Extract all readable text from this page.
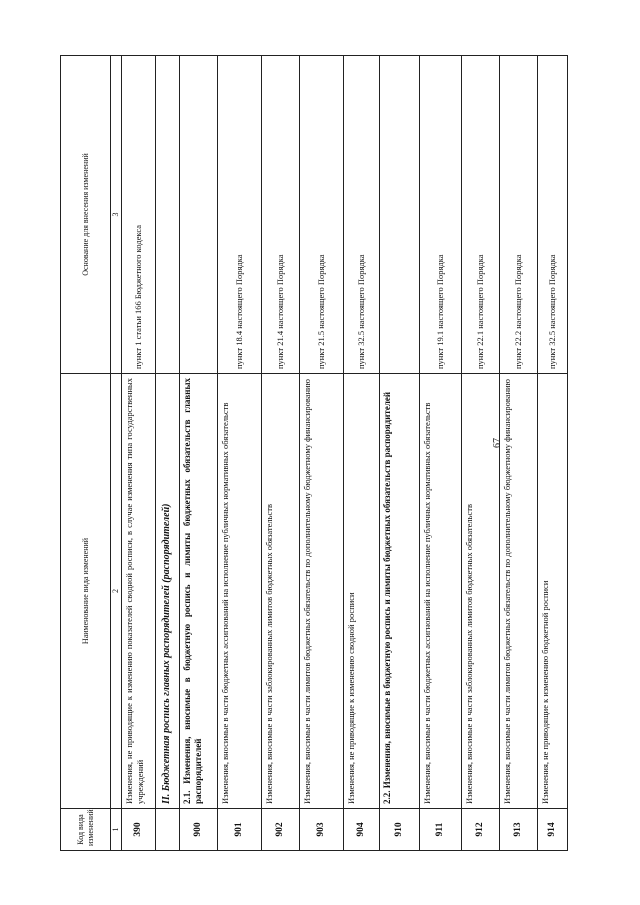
67
Код вида изменений	Наименование вида изменений	Основание для внесения изменений
1	2	3
390	Изменения, не приводящие к изменению показателей сводной росписи, в случае изменения типа государственных учреждений	пункт 1 статьи 166 Бюджетного кодекса
	II. Бюджетная роспись главных распорядителей (распорядителей)	
900	2.1. Изменения, вносимые в бюджетную роспись и лимиты бюджетных обязательств главных распорядителей	
901	Изменения, вносимые в части бюджетных ассигнований на исполнение публичных нормативных обязательств	пункт 18.4 настоящего Порядка
902	Изменения, вносимые в части заблокированных лимитов бюджетных обязательств	пункт 21.4 настоящего Порядка
903	Изменения, вносимые в части лимитов бюджетных обязательств по дополнительному бюджетному финансированию	пункт 21.5 настоящего Порядка
904	Изменения, не приводящие к изменению сводной росписи	пункт 32.5 настоящего Порядка
910	2.2. Изменения, вносимые в бюджетную роспись и лимиты бюджетных обязательств распорядителей	
911	Изменения, вносимые в части бюджетных ассигнований на исполнение публичных нормативных обязательств	пункт 19.1 настоящего Порядка
912	Изменения, вносимые в части заблокированных лимитов бюджетных обязательств	пункт 22.1 настоящего Порядка
913	Изменения, вносимые в части лимитов бюджетных обязательств по дополнительному бюджетному финансированию	пункт 22.2 настоящего Порядка
914	Изменения, не приводящие к изменению бюджетной росписи	пункт 32.5 настоящего Порядка
